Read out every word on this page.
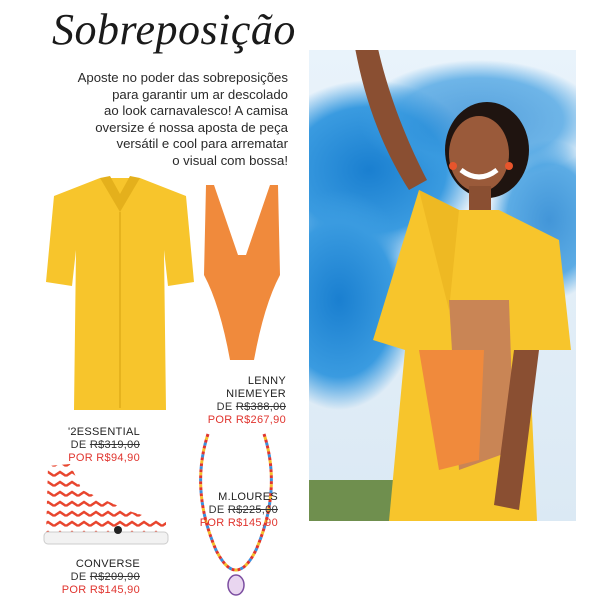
Sobreposição
Aposte no poder das sobreposições
para garantir um ar descolado
ao look carnavalesco! A camisa
oversize é nossa aposta de peça
versátil e cool para arrematar
o visual com bossa!
'2ESSENTIAL
DE R$319,00
POR R$94,90
LENNY NIEMEYER
DE R$388,00
POR R$267,90
CONVERSE
DE R$209,90
POR R$145,90
M.LOURES
DE R$225,00
POR R$145,90
